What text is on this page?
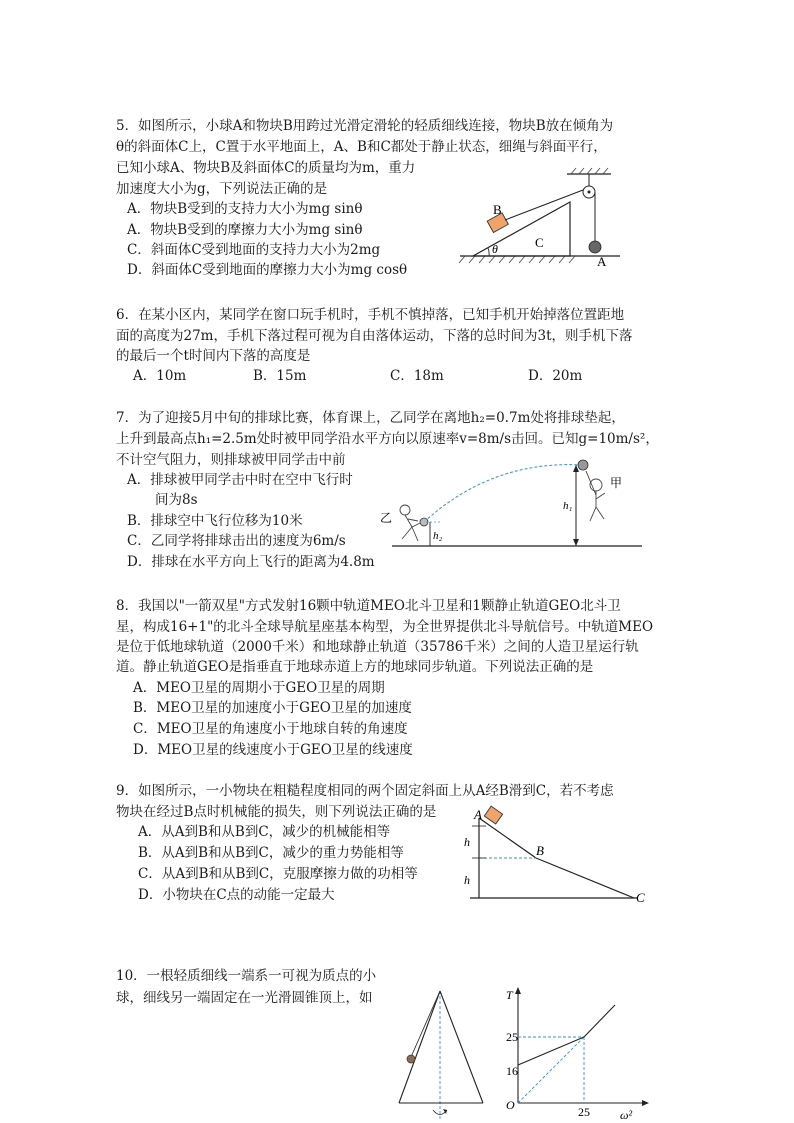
5．如图所示，小球A和物块B用跨过光滑定滑轮的轻质细线连接，物块B放在倾角为
θ的斜面体C上，C置于水平地面上，A、B和C都处于静止状态，细绳与斜面平行，
已知小球A、物块B及斜面体C的质量均为m，重力
加速度大小为g，下列说法正确的是
A．物块B受到的支持力大小为mg sinθ
A．物块B受到的摩擦力大小为mg sinθ
C．斜面体C受到地面的支持力大小为2mg
D．斜面体C受到地面的摩擦力大小为mg cosθ
θ	C
B
A
6．在某小区内，某同学在窗口玩手机时，手机不慎掉落，已知手机开始掉落位置距地
面的高度为27m，手机下落过程可视为自由落体运动，下落的总时间为3t，则手机下落
的最后一个t时间内下落的高度是
A．10m	B．15m	C．18m	D．20m
7．为了迎接5月中旬的排球比赛，体育课上，乙同学在离地h₂=0.7m处将排球垫起，
上升到最高点h₁=2.5m处时被甲同学沿水平方向以原速率v=8m/s击回。已知g=10m/s²，
不计空气阻力，则排球被甲同学击中前
A．排球被甲同学击中时在空中飞行时
间为8s
B．排球空中飞行位移为10米
C．乙同学将排球击出的速度为6m/s
D．排球在水平方向上飞行的距离为4.8m
h₁
h₂
乙
甲
8．我国以"一箭双星"方式发射16颗中轨道MEO北斗卫星和1颗静止轨道GEO北斗卫
星，构成16+1"的北斗全球导航星座基本构型，为全世界提供北斗导航信号。中轨道MEO
是位于低地球轨道（2000千米）和地球静止轨道（35786千米）之间的人造卫星运行轨
道。静止轨道GEO是指垂直于地球赤道上方的地球同步轨道。下列说法正确的是
A．MEO卫星的周期小于GEO卫星的周期
B．MEO卫星的加速度小于GEO卫星的加速度
C．MEO卫星的角速度小于地球自转的角速度
D．MEO卫星的线速度小于GEO卫星的线速度
9．如图所示，一小物块在粗糙程度相同的两个固定斜面上从A经B滑到C，若不考虑
物块在经过B点时机械能的损失，则下列说法正确的是
A．从A到B和从B到C，减少的机械能相等
B．从A到B和从B到C，减少的重力势能相等
C．从A到B和从B到C，克服摩擦力做的功相等
D．小物块在C点的动能一定最大
A
B
C
h
h
10．一根轻质细线一端系一可视为质点的小
球，细线另一端固定在一光滑圆锥顶上，如	T
ω²
O
25
16
25
